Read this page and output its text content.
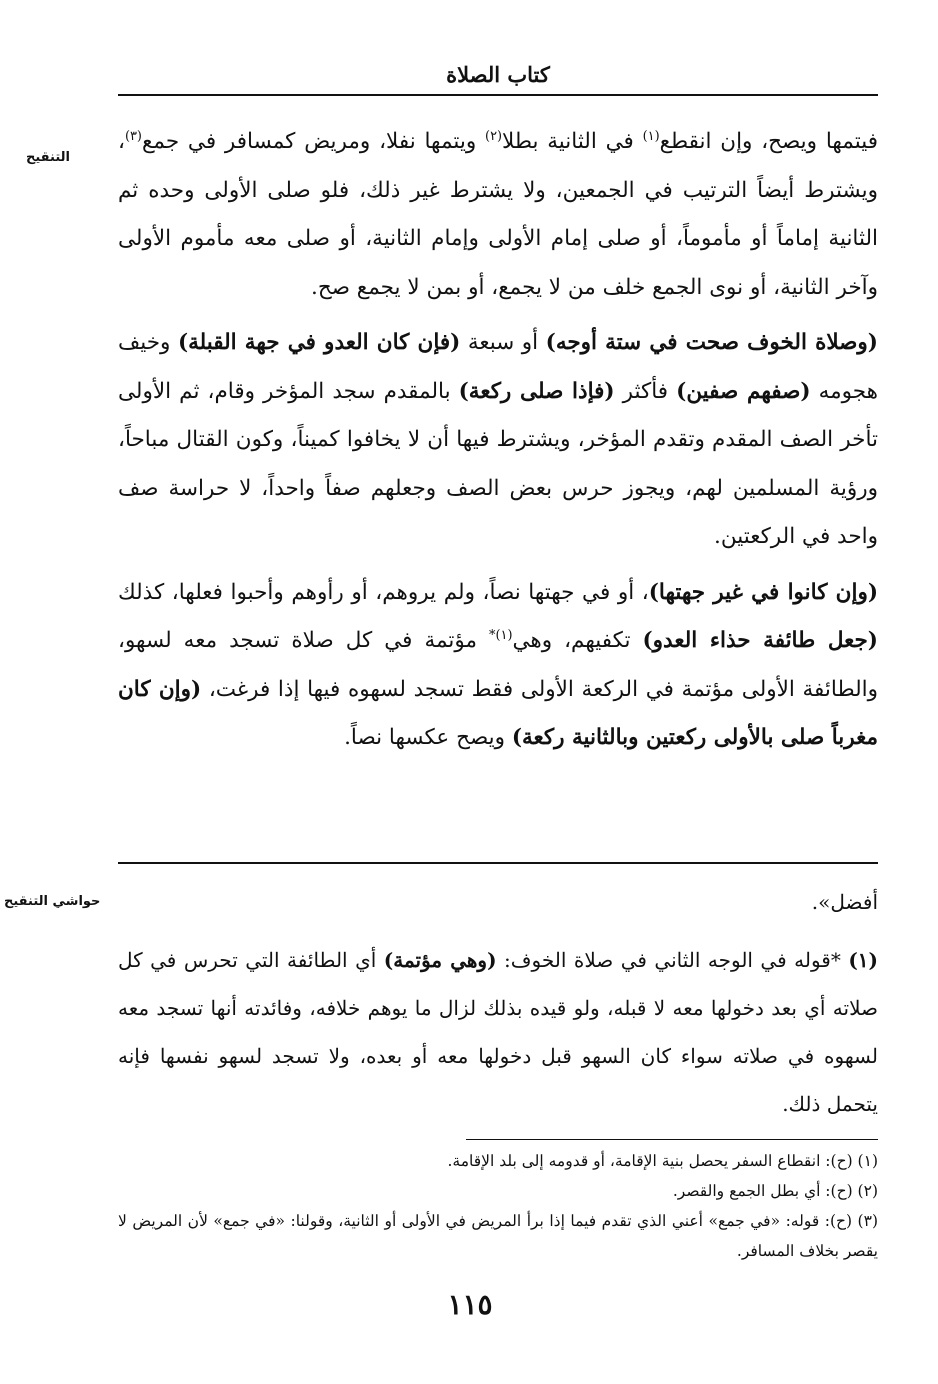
كتاب الصلاة
التنقيح

فيتمها ويصح، وإن انقطع$^{(١)}$ في الثانية بطلا$^{(٢)}$ ويتمها نفلا، ومريض كمسافر في جمع$^{(٣)}$، ويشترط أيضاً الترتيب في الجمعين، ولا يشترط غير ذلك، فلو صلى الأولى وحده ثم الثانية إماماً أو مأموماً، أو صلى إمام الأولى وإمام الثانية، أو صلى معه مأموم الأولى وآخر الثانية، أو نوى الجمع خلف من لا يجمع، أو بمن لا يجمع صح.

(وصلاة الخوف صحت في ستة أوجه) أو سبعة (فإن كان العدو في جهة القبلة) وخيف هجومه (صفهم صفين) فأكثر (فإذا صلى ركعة) بالمقدم سجد المؤخر وقام، ثم الأولى تأخر الصف المقدم وتقدم المؤخر، ويشترط فيها أن لا يخافوا كميناً، وكون القتال مباحاً، ورؤية المسلمين لهم، ويجوز حرس بعض الصف وجعلهم صفاً واحداً، لا حراسة صف واحد في الركعتين.

(وإن كانوا في غير جهتها)، أو في جهتها نصاً، ولم يروهم، أو رأوهم وأحبوا فعلها، كذلك (جعل طائفة حذاء العدو) تكفيهم، وهي$^{(١)*}$ مؤتمة في كل صلاة تسجد معه لسهو، والطائفة الأولى مؤتمة في الركعة الأولى فقط تسجد لسهوه فيها إذا فرغت، (وإن كان مغرباً صلى بالأولى ركعتين وبالثانية ركعة) ويصح عكسها نصاً.

حواشي التنقيح	أفضل».

(١) *قوله في الوجه الثاني في صلاة الخوف: (وهي مؤتمة) أي الطائفة التي تحرس في كل صلاته أي بعد دخولها معه لا قبله، ولو قيده بذلك لزال ما يوهم خلافه، وفائدته أنها تسجد معه لسهوه في صلاته سواء كان السهو قبل دخولها معه أو بعده، ولا تسجد لسهو نفسها فإنه يتحمل ذلك.

(١) (ح): انقطاع السفر يحصل بنية الإقامة، أو قدومه إلى بلد الإقامة.

(٢) (ح): أي بطل الجمع والقصر.

(٣) (ح): قوله: «في جمع» أعني الذي تقدم فيما إذا برأ المريض في الأولى أو الثانية، وقولنا: «في جمع» لأن المريض لا يقصر بخلاف المسافر.

١١٥
